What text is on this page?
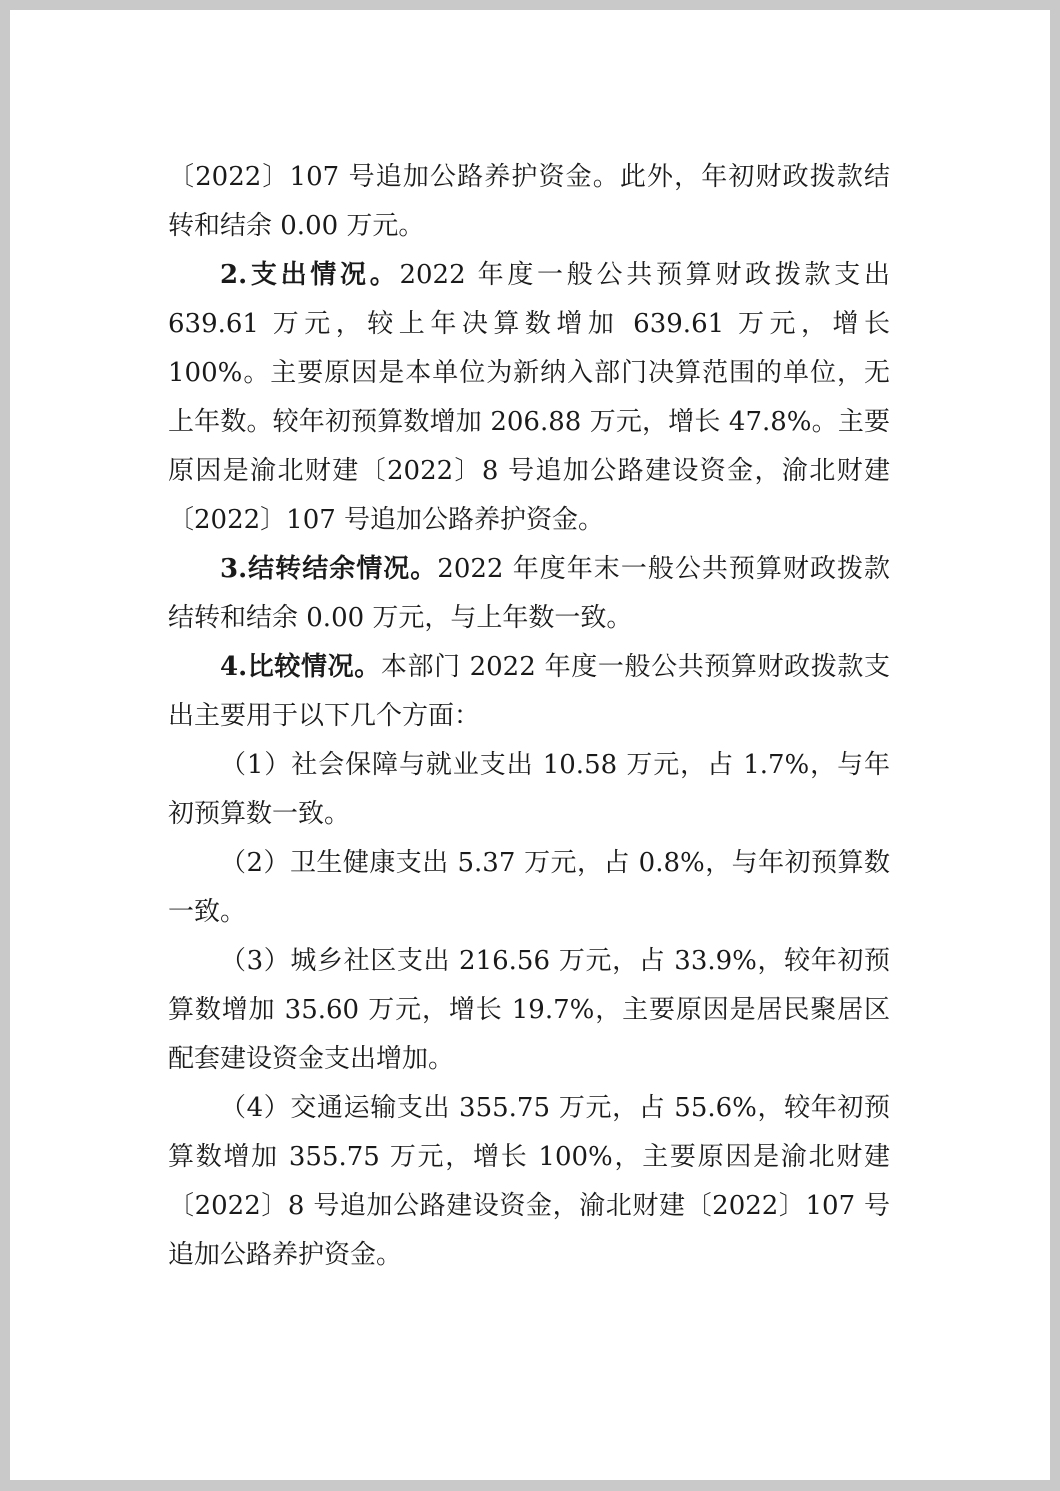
〔2022〕107 号追加公路养护资金。此外，年初财政拨款结转和结余 0.00 万元。

2.支出情况。2022 年度一般公共预算财政拨款支出 639.61 万元，较上年决算数增加 639.61 万元，增长 100%。主要原因是本单位为新纳入部门决算范围的单位，无上年数。较年初预算数增加 206.88 万元，增长 47.8%。主要原因是渝北财建〔2022〕8 号追加公路建设资金，渝北财建〔2022〕107 号追加公路养护资金。

3.结转结余情况。2022 年度年末一般公共预算财政拨款结转和结余 0.00 万元，与上年数一致。

4.比较情况。本部门 2022 年度一般公共预算财政拨款支出主要用于以下几个方面：

（1）社会保障与就业支出 10.58 万元，占 1.7%，与年初预算数一致。

（2）卫生健康支出 5.37 万元，占 0.8%，与年初预算数一致。

（3）城乡社区支出 216.56 万元，占 33.9%，较年初预算数增加 35.60 万元，增长 19.7%，主要原因是居民聚居区配套建设资金支出增加。

（4）交通运输支出 355.75 万元，占 55.6%，较年初预算数增加 355.75 万元，增长 100%，主要原因是渝北财建〔2022〕8 号追加公路建设资金，渝北财建〔2022〕107 号追加公路养护资金。
